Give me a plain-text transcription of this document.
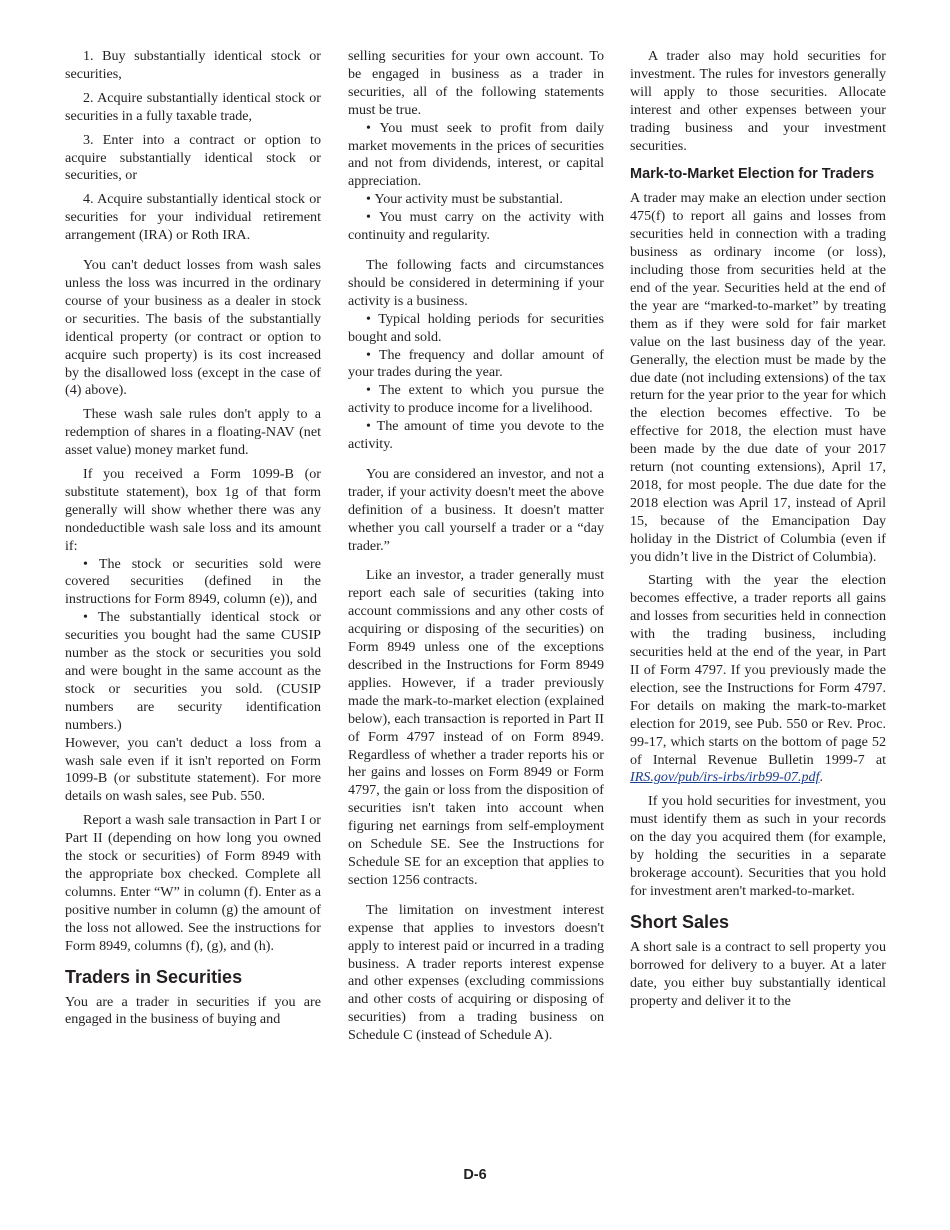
1. Buy substantially identical stock or securities,

2. Acquire substantially identical stock or securities in a fully taxable trade,

3. Enter into a contract or option to acquire substantially identical stock or securities, or

4. Acquire substantially identical stock or securities for your individual retirement arrangement (IRA) or Roth IRA.

You can't deduct losses from wash sales unless the loss was incurred in the ordinary course of your business as a dealer in stock or securities. The basis of the substantially identical property (or contract or option to acquire such property) is its cost increased by the disallowed loss (except in the case of (4) above).

These wash sale rules don't apply to a redemption of shares in a floating-NAV (net asset value) money market fund.

If you received a Form 1099-B (or substitute statement), box 1g of that form generally will show whether there was any nondeductible wash sale loss and its amount if:

• The stock or securities sold were covered securities (defined in the instructions for Form 8949, column (e)), and

• The substantially identical stock or securities you bought had the same CUSIP number as the stock or securities you sold and were bought in the same account as the stock or securities you sold. (CUSIP numbers are security identification numbers.)

However, you can't deduct a loss from a wash sale even if it isn't reported on Form 1099-B (or substitute statement). For more details on wash sales, see Pub. 550.

Report a wash sale transaction in Part I or Part II (depending on how long you owned the stock or securities) of Form 8949 with the appropriate box checked. Complete all columns. Enter “W” in column (f). Enter as a positive number in column (g) the amount of the loss not allowed. See the instructions for Form 8949, columns (f), (g), and (h).

Traders in Securities

You are a trader in securities if you are engaged in the business of buying and

selling securities for your own account. To be engaged in business as a trader in securities, all of the following statements must be true.

• You must seek to profit from daily market movements in the prices of securities and not from dividends, interest, or capital appreciation.

• Your activity must be substantial.

• You must carry on the activity with continuity and regularity.

The following facts and circumstances should be considered in determining if your activity is a business.

• Typical holding periods for securities bought and sold.

• The frequency and dollar amount of your trades during the year.

• The extent to which you pursue the activity to produce income for a livelihood.

• The amount of time you devote to the activity.

You are considered an investor, and not a trader, if your activity doesn't meet the above definition of a business. It doesn't matter whether you call yourself a trader or a “day trader.”

Like an investor, a trader generally must report each sale of securities (taking into account commissions and any other costs of acquiring or disposing of the securities) on Form 8949 unless one of the exceptions described in the Instructions for Form 8949 applies. However, if a trader previously made the mark-to-market election (explained below), each transaction is reported in Part II of Form 4797 instead of on Form 8949. Regardless of whether a trader reports his or her gains and losses on Form 8949 or Form 4797, the gain or loss from the disposition of securities isn't taken into account when figuring net earnings from self-employment on Schedule SE. See the Instructions for Schedule SE for an exception that applies to section 1256 contracts.

The limitation on investment interest expense that applies to investors doesn't apply to interest paid or incurred in a trading business. A trader reports interest expense and other expenses (excluding commissions and other costs of acquiring or disposing of securities) from a trading business on Schedule C (instead of Schedule A).

A trader also may hold securities for investment. The rules for investors generally will apply to those securities. Allocate interest and other expenses between your trading business and your investment securities.

Mark-to-Market Election for Traders

A trader may make an election under section 475(f) to report all gains and losses from securities held in connection with a trading business as ordinary income (or loss), including those from securities held at the end of the year. Securities held at the end of the year are “marked-to-market” by treating them as if they were sold for fair market value on the last business day of the year. Generally, the election must be made by the due date (not including extensions) of the tax return for the year prior to the year for which the election becomes effective. To be effective for 2018, the election must have been made by the due date of your 2017 return (not counting extensions), April 17, 2018, for most people. The due date for the 2018 election was April 17, instead of April 15, because of the Emancipation Day holiday in the District of Columbia (even if you didn’t live in the District of Columbia).

Starting with the year the election becomes effective, a trader reports all gains and losses from securities held in connection with the trading business, including securities held at the end of the year, in Part II of Form 4797. If you previously made the election, see the Instructions for Form 4797. For details on making the mark-to-market election for 2019, see Pub. 550 or Rev. Proc. 99-17, which starts on the bottom of page 52 of Internal Revenue Bulletin 1999-7 at IRS.gov/pub/irs-irbs/irb99-07.pdf.

If you hold securities for investment, you must identify them as such in your records on the day you acquired them (for example, by holding the securities in a separate brokerage account). Securities that you hold for investment aren't marked-to-market.

Short Sales

A short sale is a contract to sell property you borrowed for delivery to a buyer. At a later date, you either buy substantially identical property and deliver it to the

D-6
